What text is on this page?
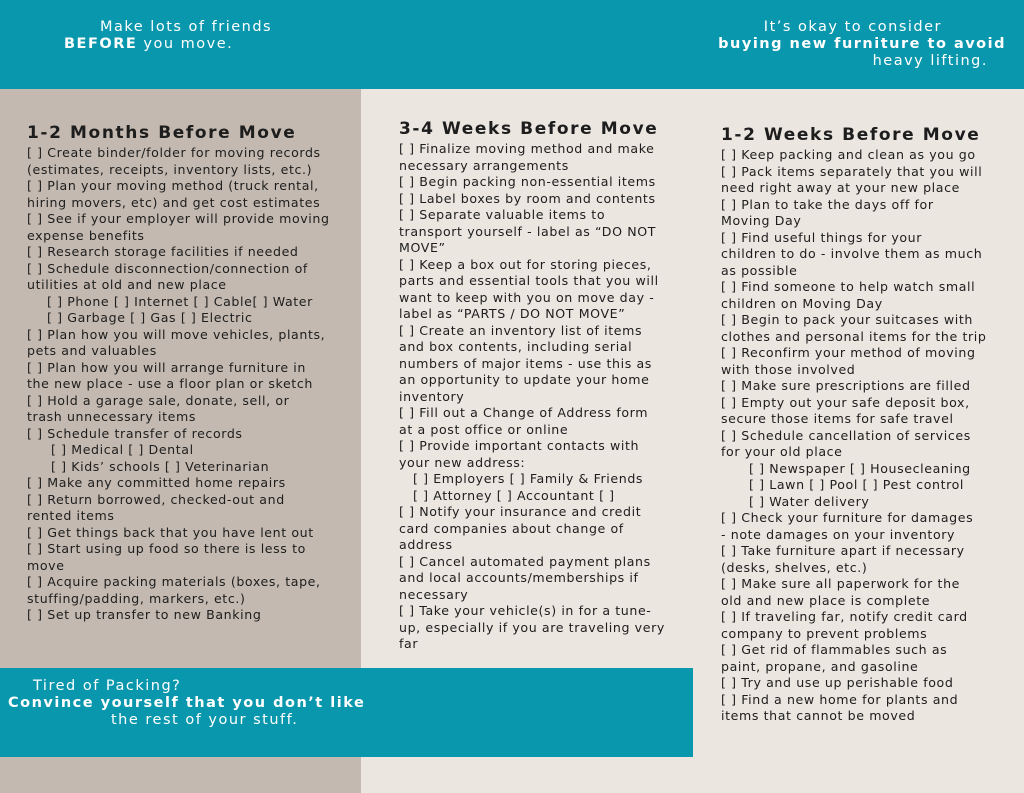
Make lots of friends
BEFORE you move.
It’s okay to consider
buying new furniture to avoid
heavy lifting.
Tired of Packing?
Convince yourself that you don’t like
the rest of your stuff.
1-2 Months Before Move
[ ] Create binder/folder for moving records
(estimates, receipts, inventory lists, etc.)
[ ] Plan your moving method (truck rental,
hiring movers, etc) and get cost estimates
[ ] See if your employer will provide moving
expense benefits
[ ] Research storage facilities if needed
[ ] Schedule disconnection/connection of
utilities at old and new place
[ ] Phone [ ] Internet [ ] Cable[ ] Water
[ ] Garbage [ ] Gas [ ] Electric
[ ] Plan how you will move vehicles, plants,
pets and valuables
[ ] Plan how you will arrange furniture in
the new place - use a floor plan or sketch
[ ] Hold a garage sale, donate, sell, or
trash unnecessary items
[ ] Schedule transfer of records
[ ] Medical [ ] Dental
[ ] Kids’ schools [ ] Veterinarian
[ ] Make any committed home repairs
[ ] Return borrowed, checked-out and
rented items
[ ] Get things back that you have lent out
[ ] Start using up food so there is less to
move
[ ] Acquire packing materials (boxes, tape,
stuffing/padding, markers, etc.)
[ ] Set up transfer to new Banking
3-4 Weeks Before Move
[ ] Finalize moving method and make
necessary arrangements
[ ] Begin packing non-essential items
[ ] Label boxes by room and contents
[ ] Separate valuable items to
transport yourself - label as “DO NOT
MOVE”
[ ] Keep a box out for storing pieces,
parts and essential tools that you will
want to keep with you on move day -
label as “PARTS / DO NOT MOVE”
[ ] Create an inventory list of items
and box contents, including serial
numbers of major items - use this as
an opportunity to update your home
inventory
[ ] Fill out a Change of Address form
at a post office or online
[ ] Provide important contacts with
your new address:
[ ] Employers [ ] Family & Friends
[ ] Attorney [ ] Accountant [ ]
[ ] Notify your insurance and credit
card companies about change of
address
[ ] Cancel automated payment plans
and local accounts/memberships if
necessary
[ ] Take your vehicle(s) in for a tune-
up, especially if you are traveling very
far
1-2 Weeks Before Move
[ ] Keep packing and clean as you go
[ ] Pack items separately that you will
need right away at your new place
[ ] Plan to take the days off for
Moving Day
[ ] Find useful things for your
children to do - involve them as much
as possible
[ ] Find someone to help watch small
children on Moving Day
[ ] Begin to pack your suitcases with
clothes and personal items for the trip
[ ] Reconfirm your method of moving
with those involved
[ ] Make sure prescriptions are filled
[ ] Empty out your safe deposit box,
secure those items for safe travel
[ ] Schedule cancellation of services
for your old place
[ ] Newspaper [ ] Housecleaning
[ ] Lawn [ ] Pool [ ] Pest control
[ ] Water delivery
[ ] Check your furniture for damages
- note damages on your inventory
[ ] Take furniture apart if necessary
(desks, shelves, etc.)
[ ] Make sure all paperwork for the
old and new place is complete
[ ] If traveling far, notify credit card
company to prevent problems
[ ] Get rid of flammables such as
paint, propane, and gasoline
[ ] Try and use up perishable food
[ ] Find a new home for plants and
items that cannot be moved
